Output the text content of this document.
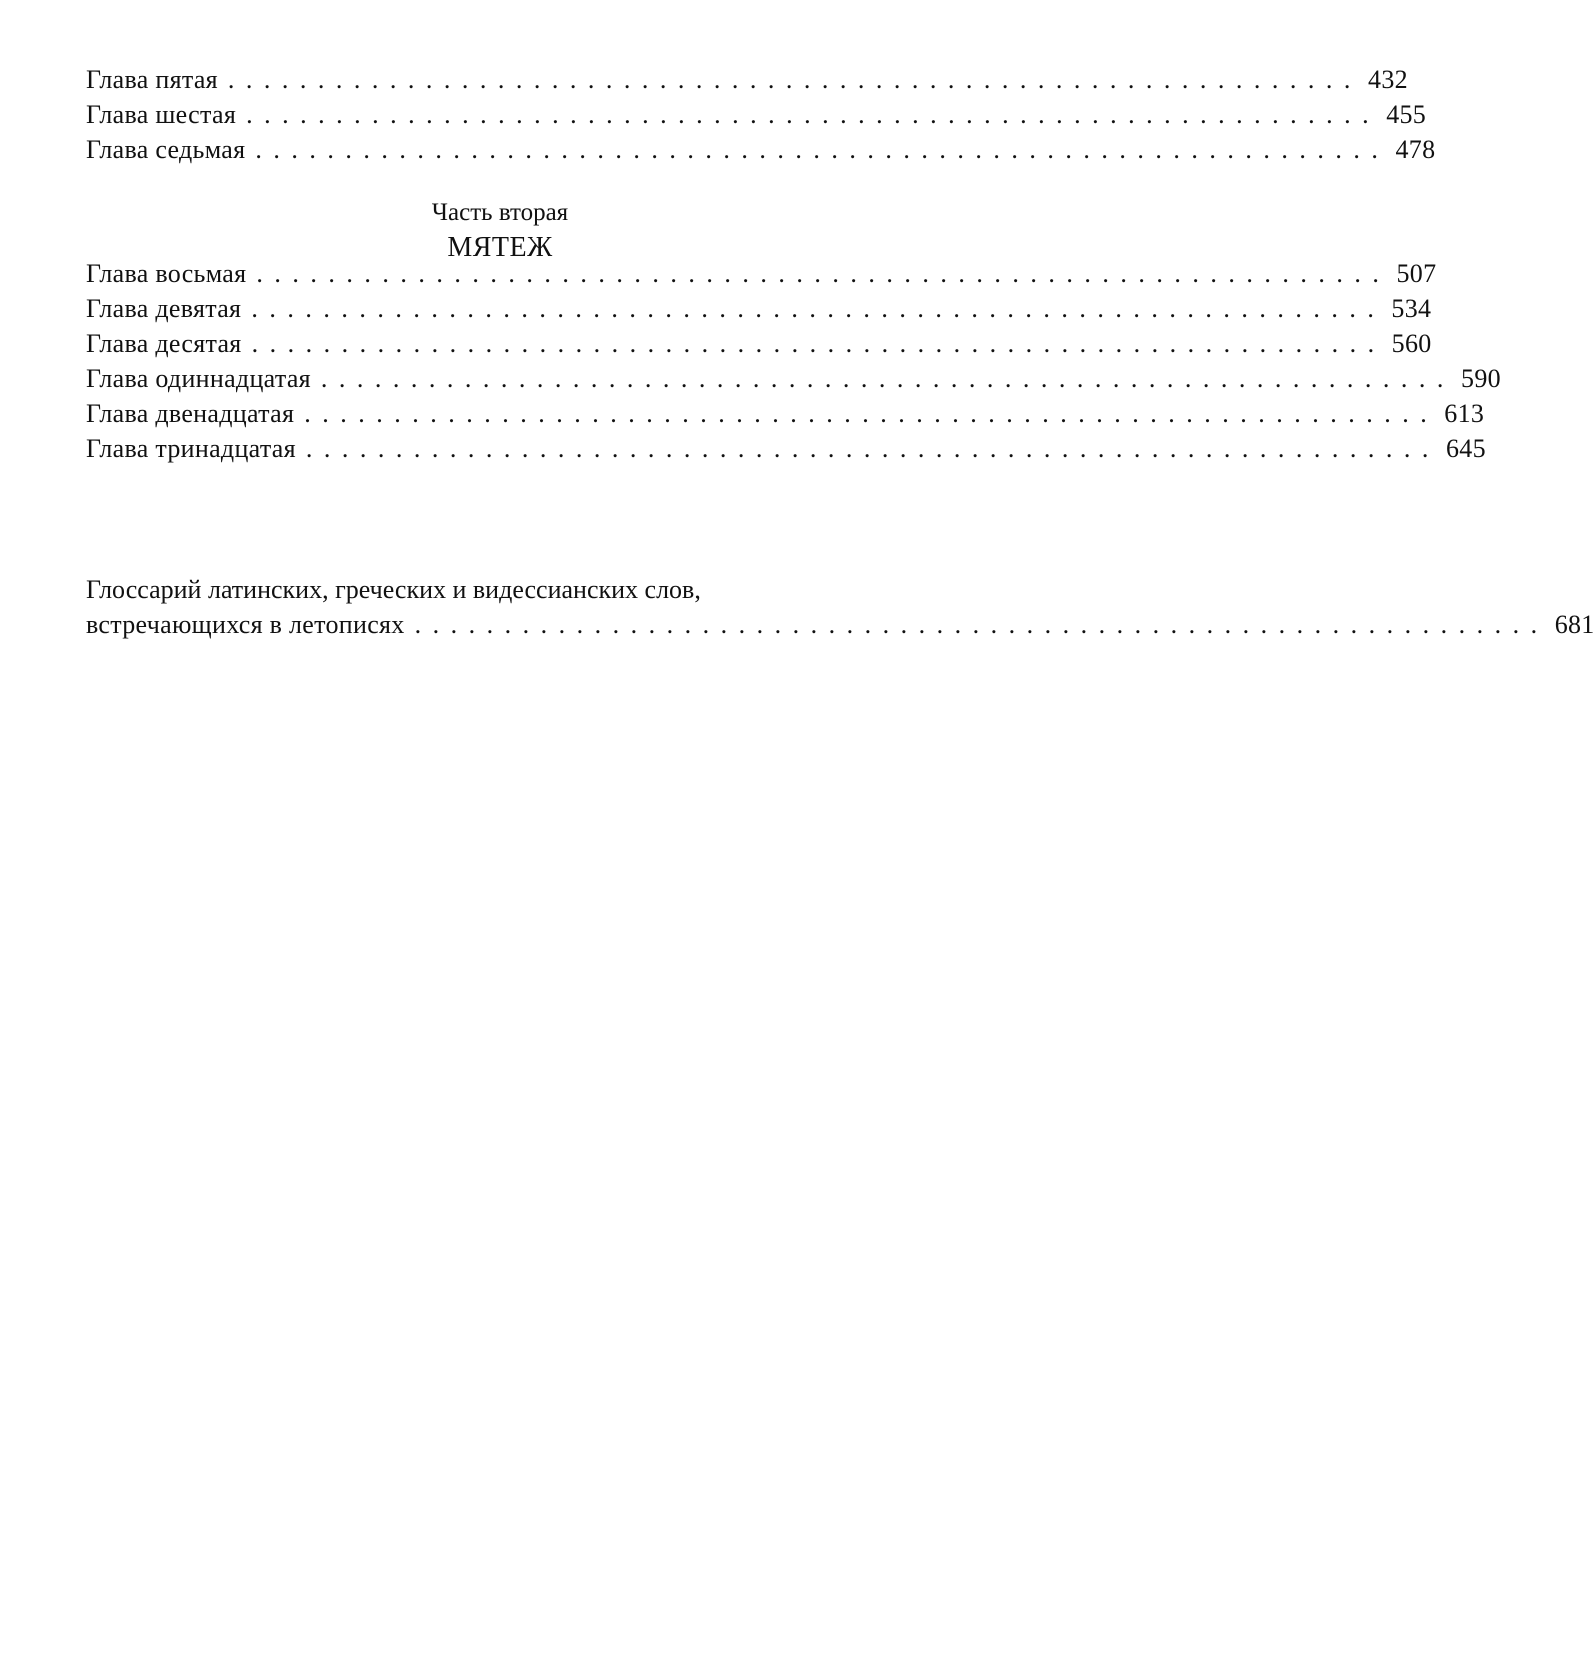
Глава пятая ............................................................... 432
Глава шестая ............................................................... 455
Глава седьмая ............................................................... 478
Часть вторая
МЯТЕЖ
Глава восьмая ............................................................... 507
Глава девятая ............................................................... 534
Глава десятая ............................................................... 560
Глава одиннадцатая ............................................................... 590
Глава двенадцатая ............................................................... 613
Глава тринадцатая ............................................................... 645
Глоссарий латинских, греческих и видессианских слов,
встречающихся в летописях ............................................................... 681
